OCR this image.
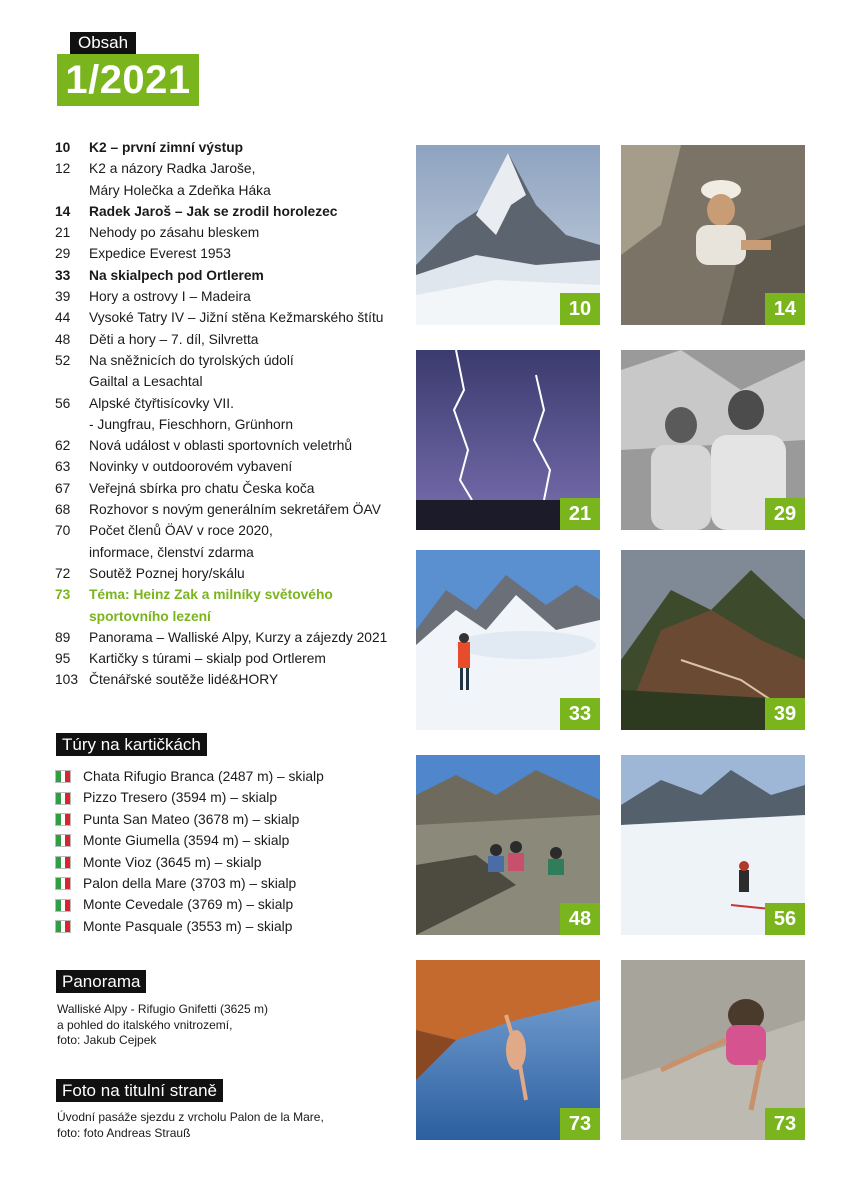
Obsah
1/2021
10	K2 – první zimní výstup
12	K2 a názory Radka Jaroše,
Máry Holečka a Zdeňka Háka
14	Radek Jaroš – Jak se zrodil horolezec
21	Nehody po zásahu bleskem
29	Expedice Everest 1953
33	Na skialpech pod Ortlerem
39	Hory a ostrovy I – Madeira
44	Vysoké Tatry IV – Jižní stěna Kežmarského štítu
48	Děti a hory – 7. díl, Silvretta
52	Na sněžnicích do tyrolských údolí
Gailtal a Lesachtal
56	Alpské čtyřtisícovky VII.
- Jungfrau, Fieschhorn, Grünhorn
62	Nová událost v oblasti sportovních veletrhů
63	Novinky v outdoorovém vybavení
67	Veřejná sbírka pro chatu Česka koča
68	Rozhovor s novým generálním sekretářem ÖAV
70	Počet členů ÖAV v roce 2020,
informace, členství zdarma
72	Soutěž Poznej hory/skálu
73	Téma: Heinz Zak a milníky světového
sportovního lezení
89	Panorama – Walliské Alpy, Kurzy a zájezdy 2021
95	Kartičky s túrami – skialp pod Ortlerem
103 Čtenářské soutěže lidé&HORY
Túry na kartičkách
Chata Rifugio Branca (2487 m) – skialp
Pizzo Tresero (3594 m) – skialp
Punta San Mateo (3678 m) – skialp
Monte Giumella (3594 m) – skialp
Monte Vioz (3645 m) – skialp
Palon della Mare (3703 m) – skialp
Monte Cevedale (3769 m) – skialp
Monte Pasquale (3553 m) – skialp
Panorama
Walliské Alpy - Rifugio Gnifetti (3625 m)
a pohled do italského vnitrozemí,
foto: Jakub Cejpek
Foto na titulní straně
Úvodní pasáže sjezdu z vrcholu Palon de la Mare,
foto: foto Andreas Strauß
10	14
21	29
33	39
48	56
73	73
